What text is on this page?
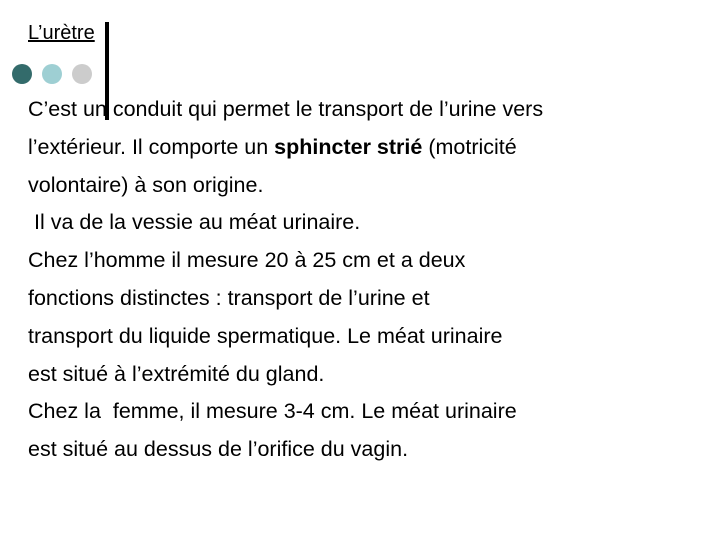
L’urètre
C’est un conduit qui permet le transport de l’urine vers
l’extérieur. Il comporte un sphincter strié (motricité
volontaire) à son origine.
Il va de la vessie au méat urinaire.
Chez l’homme il mesure 20 à 25 cm et a deux
fonctions distinctes : transport de l’urine et
transport du liquide spermatique. Le méat urinaire
est situé à l’extrémité du gland.
Chez la  femme, il mesure 3-4 cm. Le méat urinaire
est situé au dessus de l’orifice du vagin.
